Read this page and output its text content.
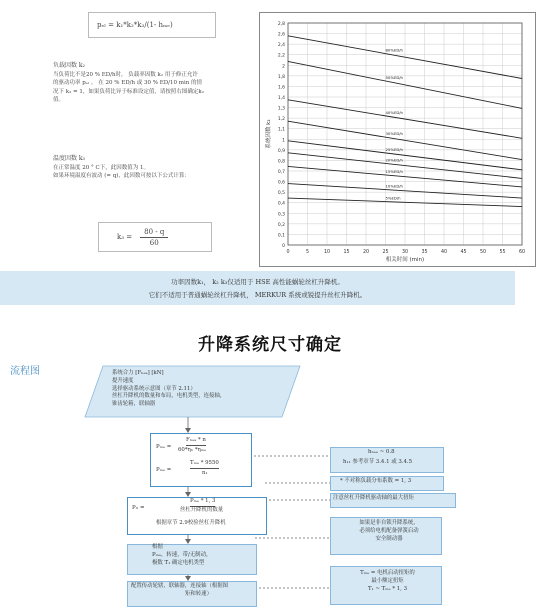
pₑₗ = k₁*k₂*k₃/(1- hₘₑ)
负载因数 k₂
当负荷比不是20 % ED/h时， 负载率因数 k₂ 用于修正允许
的驱动功率 pₑₗ 。 在 20 % ED/h 或 30 % ED/10 min 的情
况下 k₂ = 1，如果负荷比异于标准设定值，请按照右图确定k₂
值。
温度因数 k₃
在正常温度 20 ° C下，此因数值为 1。
如果环境温度有波动 (= q)，此因数可按以下公式计算：
$k_3 = \frac{80 - q}{60}$	0
0,1
0,2
0,3
0,4
0,5
0,6
0,7
0,8
0,9
1
1,1
1,2
1,3
1,4
1,6
1,8
2
2,2
2,4
2,6
2,8
0	5	10	15	20	25	30	35	40	45	50	55	60
80%ED/h
50%ED/h
40%ED/h
30%ED/h
25%ED/h
20%ED/h
15%ED/h
10%ED/h
5%ED/h
相关时间 (min)
系统因数 k₂
功率因数k₁， k₂ k₃仅适用于 HSE 高性能蜗轮丝杠升降机。
它们不适用于普通蜗轮丝杠升降机， MERKUR 系统或锐提升丝杠升降机。
升降系统尺寸确定
流程图	系统合力 [Fₕₑₐ] [kN]
提升速度
选择驱动系统示意图（章节 2.11）
丝杠升降机的数量和布局，电机类型，连接轴，
锥齿轮箱，联轴器
Pₘₑ =
Fₕₑₐ * n
60*ηₕ *ηₘₑ
Pₘₑ =
Tₘₑ * 9550
n₁
Pₗₗ =
Pₘₑ * 1, 3
丝杠升降机的数量
根据章节 2.9校验丝杠升降机
根据
Pₘₑ，转速，带/无制动，
极数 T₁ 确定电机类型
配置传动轮辖，联轴器，连接轴（根据图
矩和转速）
hₕₑₑ ~ 0.8
h₁₁ 参考章节 3.4.1 或 3.4.5
* 不对称负载分布系数 = 1, 3
注意丝杠升降机驱动轴的最大扭矩
如果是非自锁升降系统，
必须给电机配备弹簧启动
安全制动器
Tₘₑ = 电机启动扭矩的
最小额定扭矩
T₁ ~ Tₘₑ * 1, 3
